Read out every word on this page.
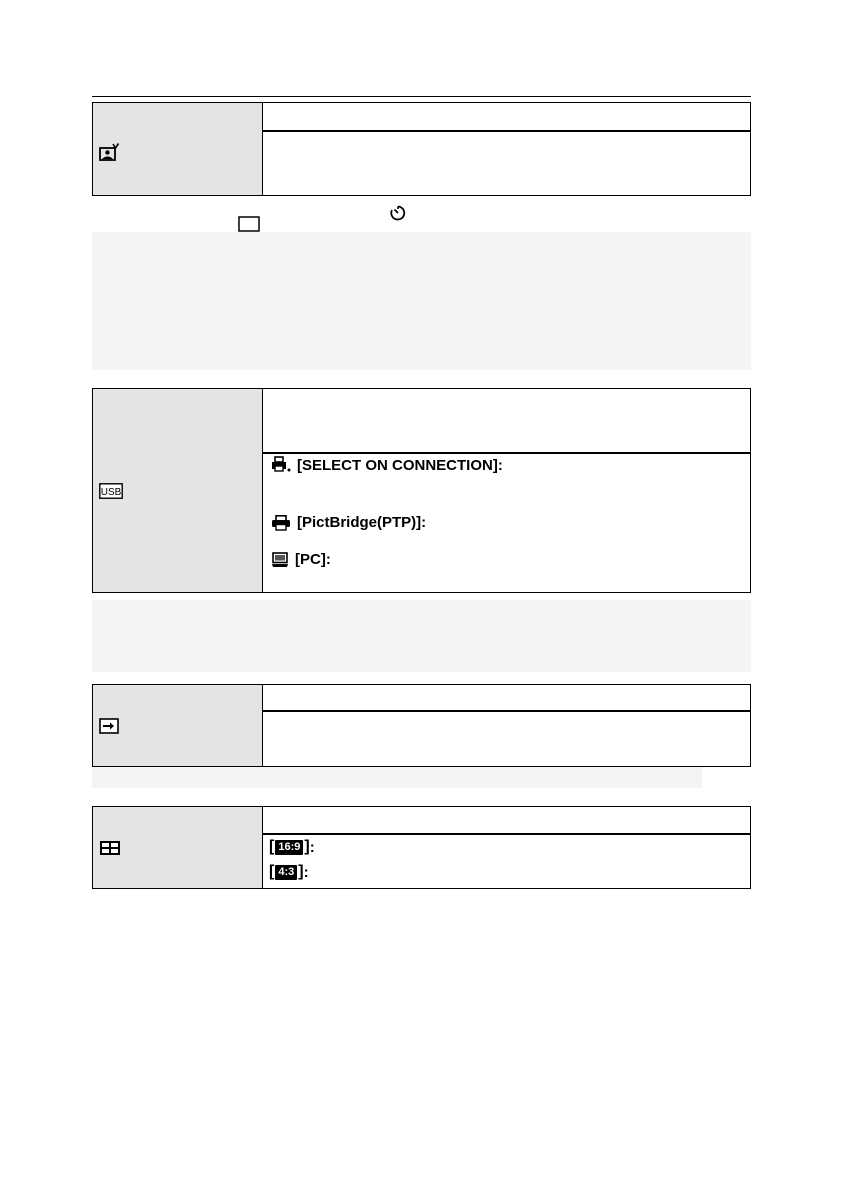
USB
[SELECT ON CONNECTION]:
[PictBridge(PTP)]:
[PC]:
[ 16:9 ] :
[ 4:3 ] :
